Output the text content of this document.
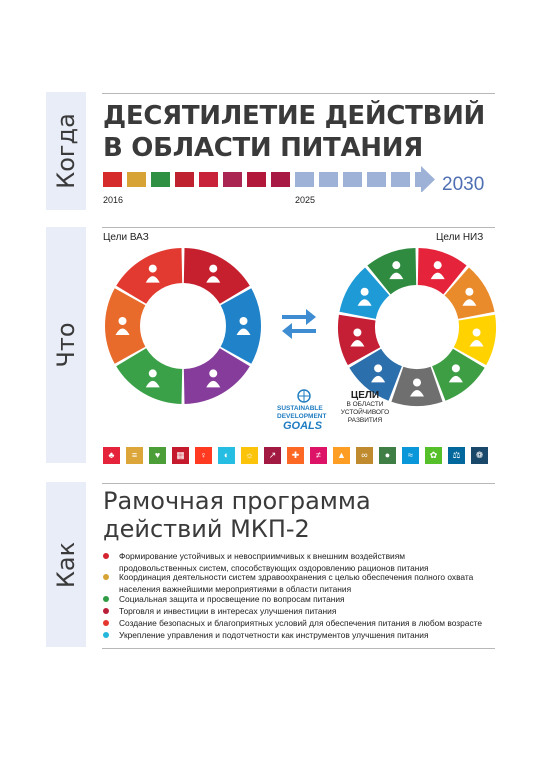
Когда
Что
Как
ДЕСЯТИЛЕТИЕ ДЕЙСТВИЙ
В ОБЛАСТИ ПИТАНИЯ
2016	2025
2030
Цели ВАЗ	Цели НИЗ
SUSTAINABLE
DEVELOPMENT
GOALS
ЦЕЛИ
В ОБЛАСТИ
УСТОЙЧИВОГО
РАЗВИТИЯ
♣	≡	♥	▦	♀	◐	☼	↗	✚	≠	▲	∞	●	≈	✿	⚖	❁
Рамочная программа
действий МКП-2
Формирование устойчивых и невосприимчивых к внешним воздействиям
продовольственных систем, способствующих оздоровлению рационов питания
Координация деятельности систем здравоохранения с целью обеспечения полного охвата
населения важнейшими мероприятиями в области питания
Социальная защита и просвещение по вопросам питания
Торговля и инвестиции в интересах улучшения питания
Создание безопасных и благоприятных условий для обеспечения питания в любом возрасте
Укрепление управления и подотчетности как инструментов улучшения питания
